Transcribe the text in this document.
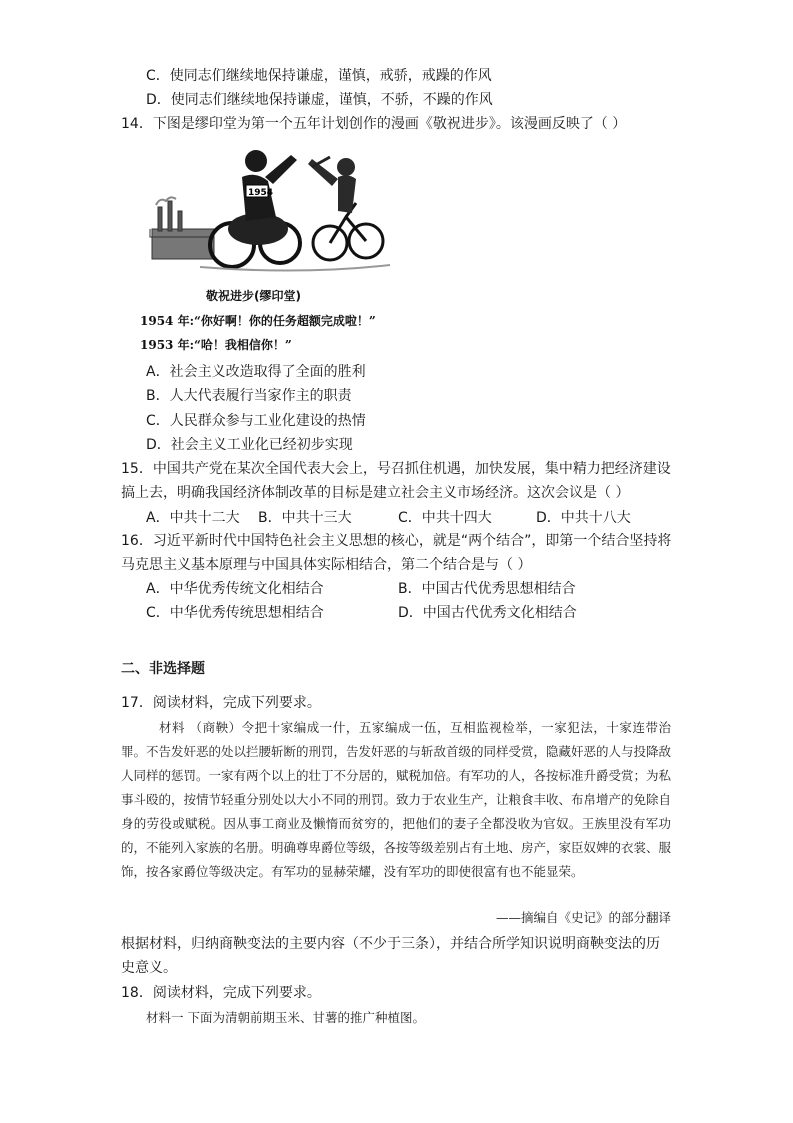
C．使同志们继续地保持谦虚，谨慎，戒骄，戒躁的作风
D．使同志们继续地保持谦虚，谨慎，不骄，不躁的作风
14．下图是缪印堂为第一个五年计划创作的漫画《敬祝进步》。该漫画反映了（ ）
1954
敬祝进步(缪印堂)
1954 年:“你好啊！你的任务超额完成啦！”
1953 年:“哈！我相信你！”
A．社会主义改造取得了全面的胜利
B．人大代表履行当家作主的职责
C．人民群众参与工业化建设的热情
D．社会主义工业化已经初步实现
15．中国共产党在某次全国代表大会上，号召抓住机遇，加快发展，集中精力把经济建设
搞上去，明确我国经济体制改革的目标是建立社会主义市场经济。这次会议是（ ）
A．中共十二大 B．中共十三大	C．中共十四大	D．中共十八大
16．习近平新时代中国特色社会主义思想的核心，就是“两个结合”，即第一个结合坚持将
马克思主义基本原理与中国具体实际相结合，第二个结合是与（ ）
A．中华优秀传统文化相结合	B．中国古代优秀思想相结合
C．中华优秀传统思想相结合	D．中国古代优秀文化相结合
二、非选择题
17．阅读材料，完成下列要求。
材料 （商鞅）令把十家编成一什，五家编成一伍，互相监视检举，一家犯法，十家连带治罪。不告发奸恶的处以拦腰斩断的刑罚，告发奸恶的与斩敌首级的同样受赏，隐藏奸恶的人与投降敌人同样的惩罚。一家有两个以上的壮丁不分居的，赋税加倍。有军功的人，各按标准升爵受赏；为私事斗殴的，按情节轻重分别处以大小不同的刑罚。致力于农业生产，让粮食丰收、布帛增产的免除自身的劳役或赋税。因从事工商业及懒惰而贫穷的，把他们的妻子全都没收为官奴。王族里没有军功的，不能列入家族的名册。明确尊卑爵位等级，各按等级差别占有土地、房产，家臣奴婢的衣裳、服饰，按各家爵位等级决定。有军功的显赫荣耀，没有军功的即使很富有也不能显荣。
——摘编自《史记》的部分翻译
根据材料，归纳商鞅变法的主要内容（不少于三条），并结合所学知识说明商鞅变法的历
史意义。
18．阅读材料，完成下列要求。
材料一 下面为清朝前期玉米、甘薯的推广种植图。
